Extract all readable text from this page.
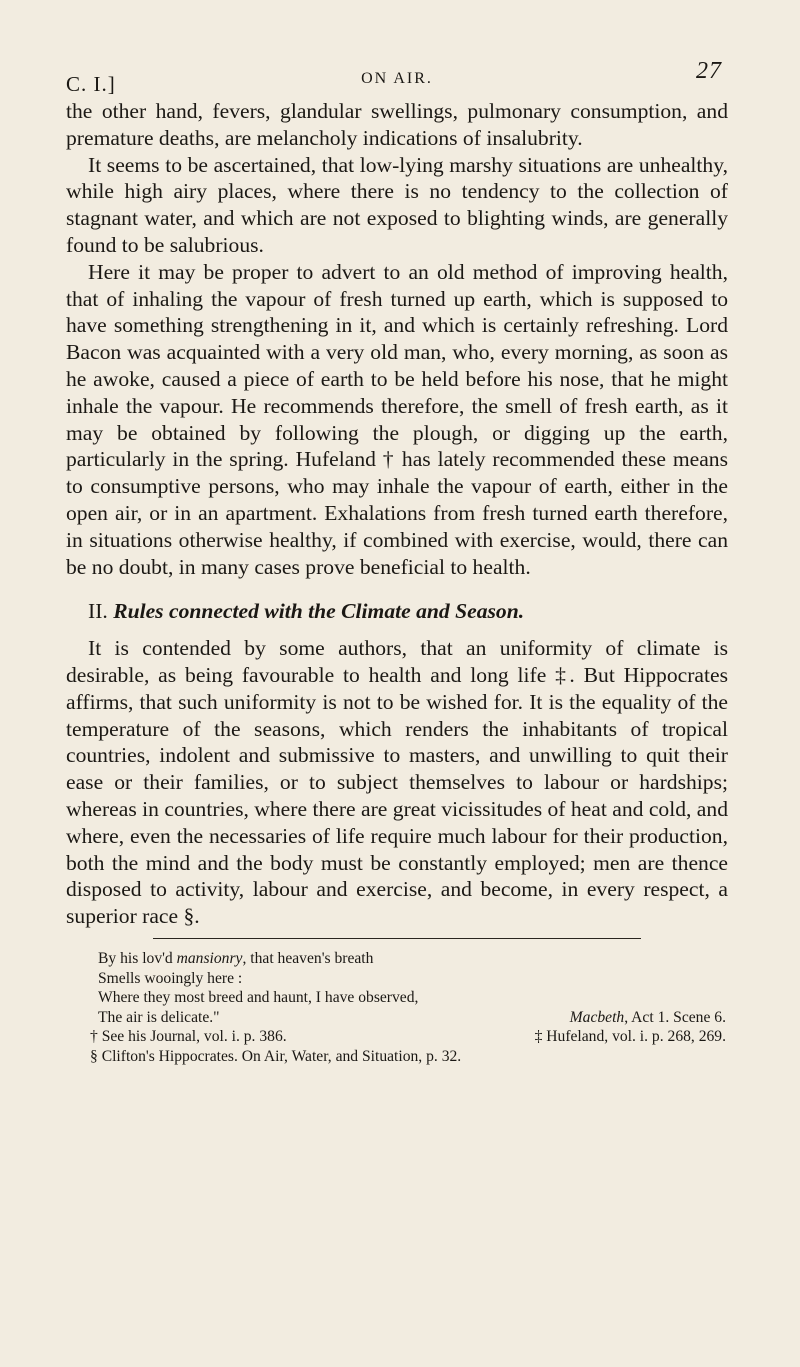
C. I.]	ON AIR.	27

the other hand, fevers, glandular swellings, pulmonary consumption, and premature deaths, are melancholy indications of insalubrity.

It seems to be ascertained, that low-lying marshy situations are unhealthy, while high airy places, where there is no tendency to the collection of stagnant water, and which are not exposed to blighting winds, are generally found to be salubrious.

Here it may be proper to advert to an old method of improving health, that of inhaling the vapour of fresh turned up earth, which is supposed to have something strengthening in it, and which is certainly refreshing. Lord Bacon was acquainted with a very old man, who, every morning, as soon as he awoke, caused a piece of earth to be held before his nose, that he might inhale the vapour. He recommends therefore, the smell of fresh earth, as it may be obtained by following the plough, or digging up the earth, particularly in the spring. Hufeland † has lately recommended these means to consumptive persons, who may inhale the vapour of earth, either in the open air, or in an apartment. Exhalations from fresh turned earth therefore, in situations otherwise healthy, if combined with exercise, would, there can be no doubt, in many cases prove beneficial to health.

II. Rules connected with the Climate and Season.

It is contended by some authors, that an uniformity of climate is desirable, as being favourable to health and long life ‡. But Hippocrates affirms, that such uniformity is not to be wished for. It is the equality of the temperature of the seasons, which renders the inhabitants of tropical countries, indolent and submissive to masters, and unwilling to quit their ease or their families, or to subject themselves to labour or hardships; whereas in countries, where there are great vicissitudes of heat and cold, and where, even the necessaries of life require much labour for their production, both the mind and the body must be constantly employed; men are thence disposed to activity, labour and exercise, and become, in every respect, a superior race §.

By his lov'd mansionry, that heaven's breath
Smells wooingly here :
Where they most breed and haunt, I have observed,
The air is delicate."	Macbeth, Act 1. Scene 6.
† See his Journal, vol. i. p. 386.	‡ Hufeland, vol. i. p. 268, 269.
§ Clifton's Hippocrates. On Air, Water, and Situation, p. 32.
